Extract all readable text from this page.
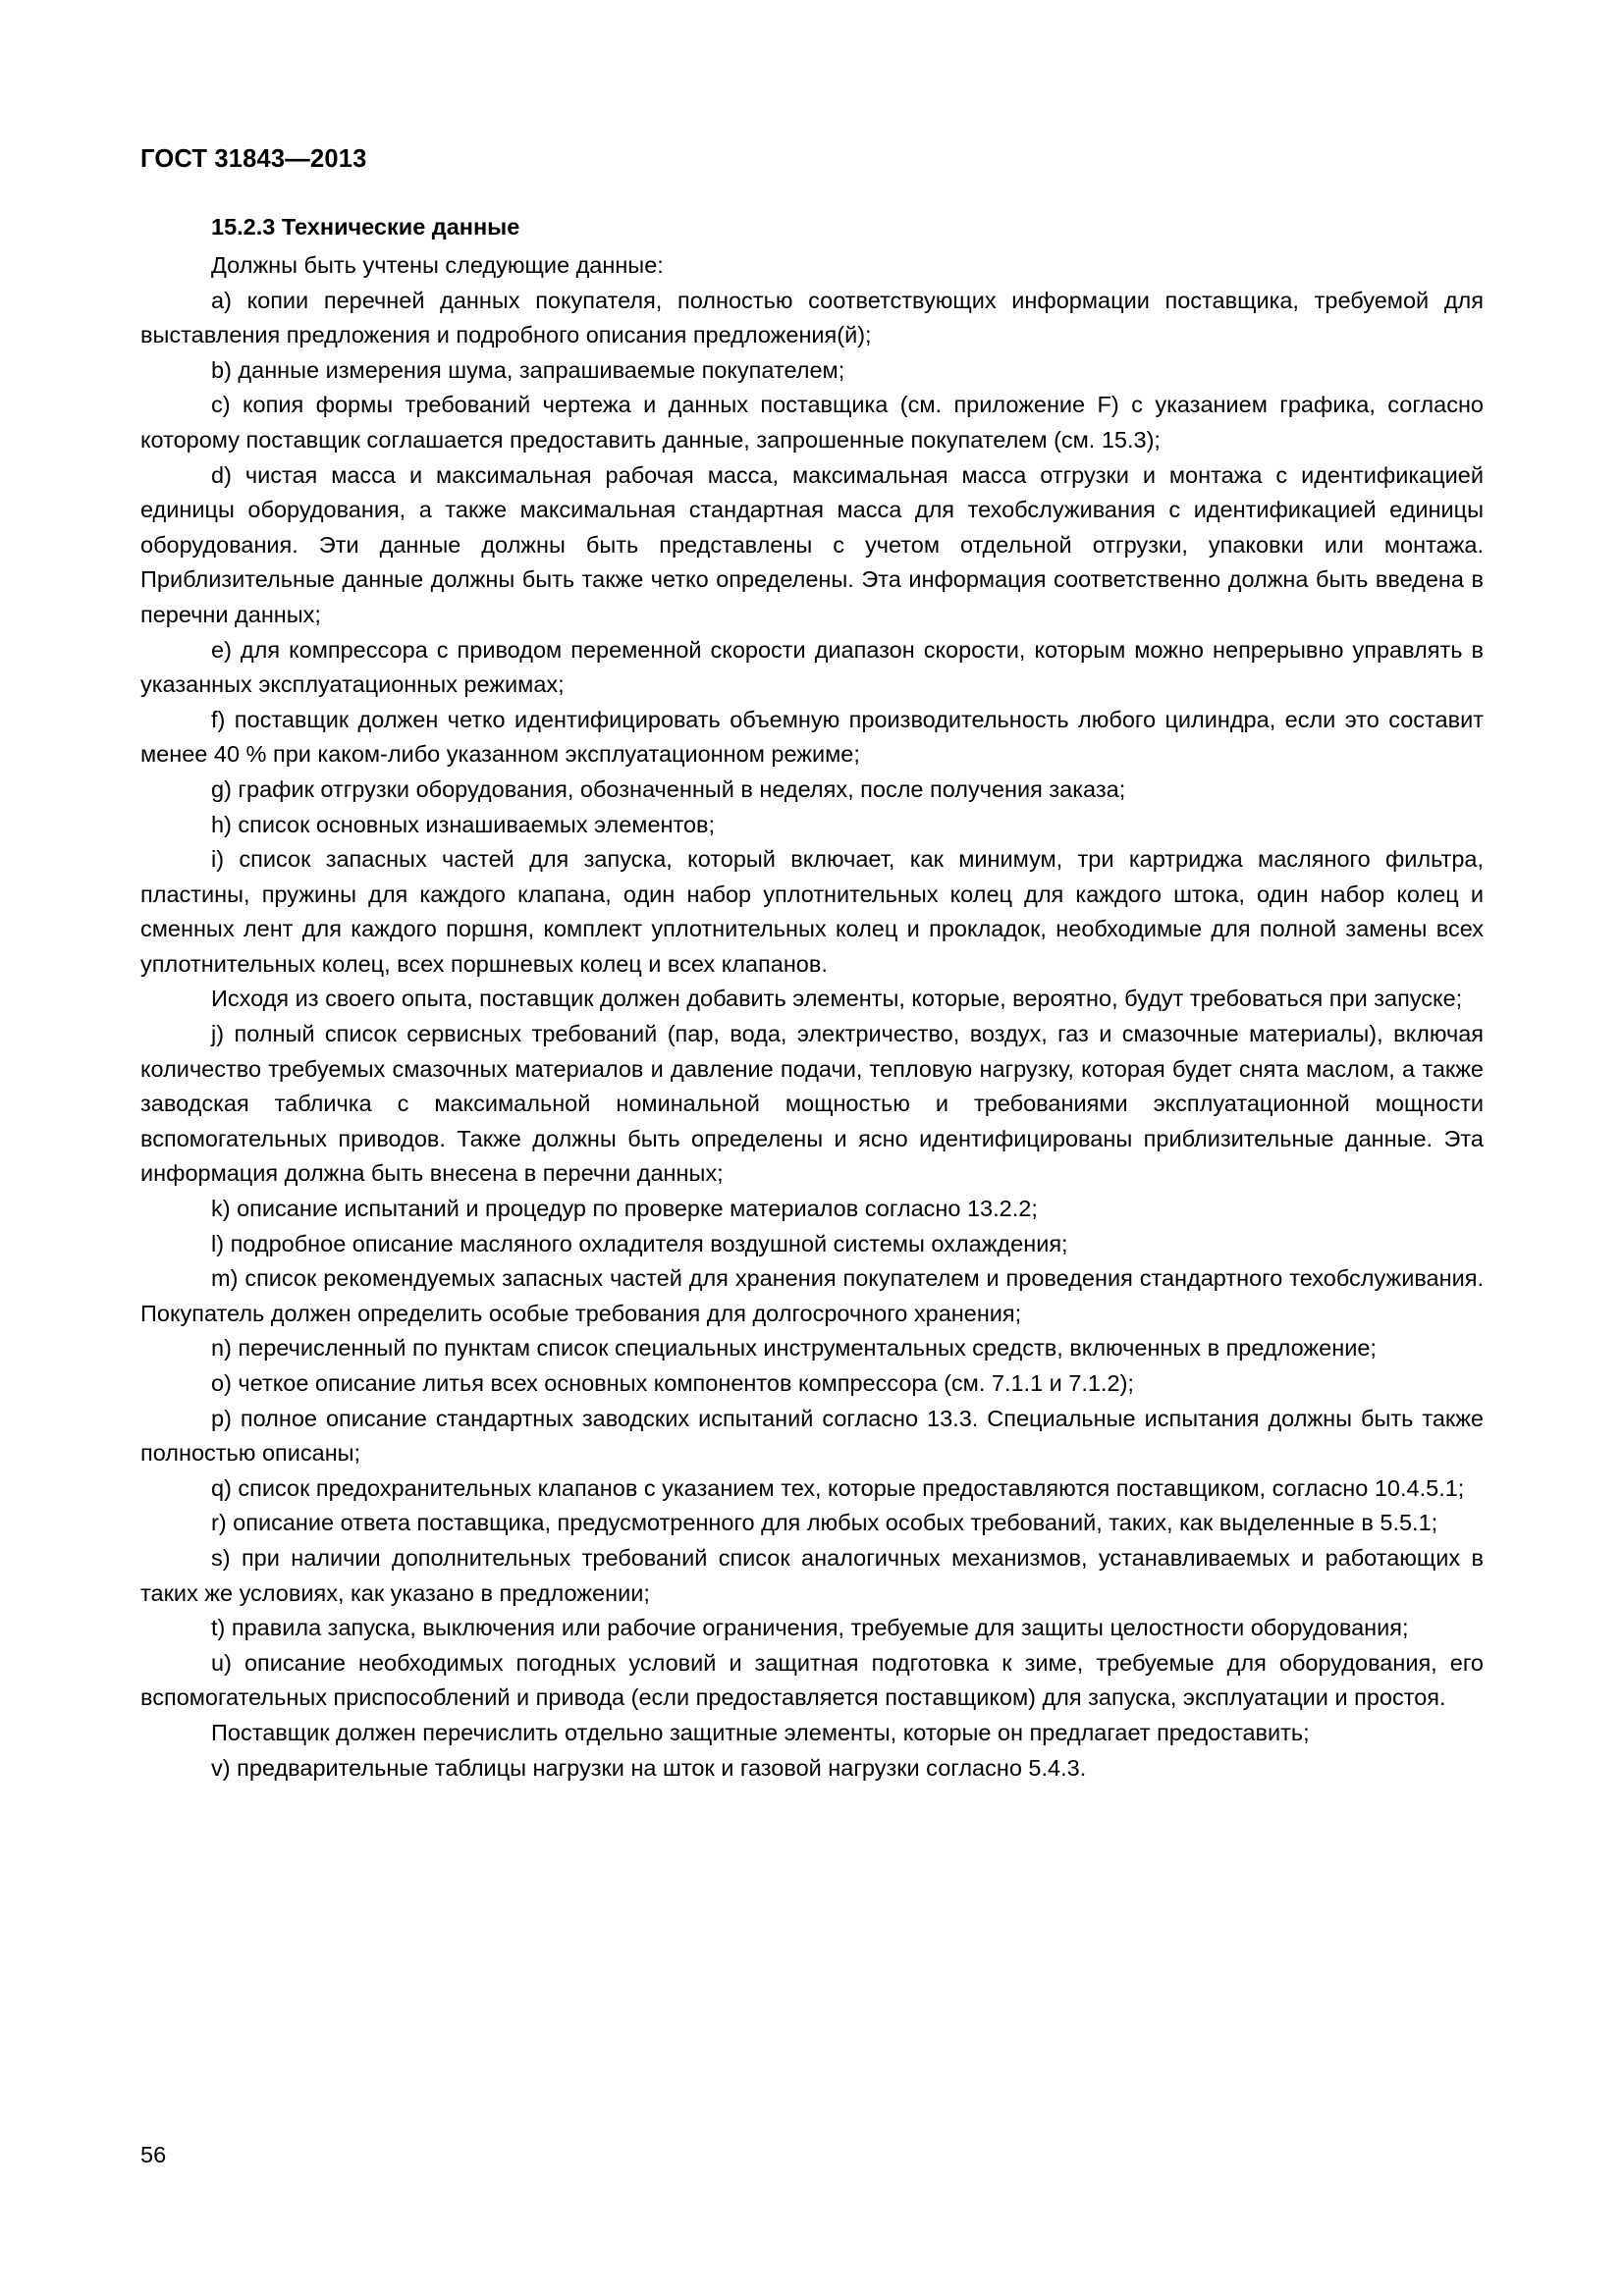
ГОСТ 31843—2013
15.2.3 Технические данные

Должны быть учтены следующие данные:

a) копии перечней данных покупателя, полностью соответствующих информации поставщика, требуемой для выставления предложения и подробного описания предложения(й);

b) данные измерения шума, запрашиваемые покупателем;

c) копия формы требований чертежа и данных поставщика (см. приложение F) с указанием графика, согласно которому поставщик соглашается предоставить данные, запрошенные покупателем (см. 15.3);

d) чистая масса и максимальная рабочая масса, максимальная масса отгрузки и монтажа с идентификацией единицы оборудования, а также максимальная стандартная масса для техобслуживания с идентификацией единицы оборудования. Эти данные должны быть представлены с учетом отдельной отгрузки, упаковки или монтажа. Приблизительные данные должны быть также четко определены. Эта информация соответственно должна быть введена в перечни данных;

e) для компрессора с приводом переменной скорости диапазон скорости, которым можно непрерывно управлять в указанных эксплуатационных режимах;

f) поставщик должен четко идентифицировать объемную производительность любого цилиндра, если это составит менее 40 % при каком-либо указанном эксплуатационном режиме;

g) график отгрузки оборудования, обозначенный в неделях, после получения заказа;

h) список основных изнашиваемых элементов;

i) список запасных частей для запуска, который включает, как минимум, три картриджа масляного фильтра, пластины, пружины для каждого клапана, один набор уплотнительных колец для каждого штока, один набор колец и сменных лент для каждого поршня, комплект уплотнительных колец и прокладок, необходимые для полной замены всех уплотнительных колец, всех поршневых колец и всех клапанов.

Исходя из своего опыта, поставщик должен добавить элементы, которые, вероятно, будут требоваться при запуске;

j) полный список сервисных требований (пар, вода, электричество, воздух, газ и смазочные материалы), включая количество требуемых смазочных материалов и давление подачи, тепловую нагрузку, которая будет снята маслом, а также заводская табличка с максимальной номинальной мощностью и требованиями эксплуатационной мощности вспомогательных приводов. Также должны быть определены и ясно идентифицированы приблизительные данные. Эта информация должна быть внесена в перечни данных;

k) описание испытаний и процедур по проверке материалов согласно 13.2.2;

l) подробное описание масляного охладителя воздушной системы охлаждения;

m) список рекомендуемых запасных частей для хранения покупателем и проведения стандартного техобслуживания. Покупатель должен определить особые требования для долгосрочного хранения;

n) перечисленный по пунктам список специальных инструментальных средств, включенных в предложение;

o) четкое описание литья всех основных компонентов компрессора (см. 7.1.1 и 7.1.2);

p) полное описание стандартных заводских испытаний согласно 13.3. Специальные испытания должны быть также полностью описаны;

q) список предохранительных клапанов с указанием тех, которые предоставляются поставщиком, согласно 10.4.5.1;

r) описание ответа поставщика, предусмотренного для любых особых требований, таких, как выделенные в 5.5.1;

s) при наличии дополнительных требований список аналогичных механизмов, устанавливаемых и работающих в таких же условиях, как указано в предложении;

t) правила запуска, выключения или рабочие ограничения, требуемые для защиты целостности оборудования;

u) описание необходимых погодных условий и защитная подготовка к зиме, требуемые для оборудования, его вспомогательных приспособлений и привода (если предоставляется поставщиком) для запуска, эксплуатации и простоя.

Поставщик должен перечислить отдельно защитные элементы, которые он предлагает предоставить;

v) предварительные таблицы нагрузки на шток и газовой нагрузки согласно 5.4.3.

56
